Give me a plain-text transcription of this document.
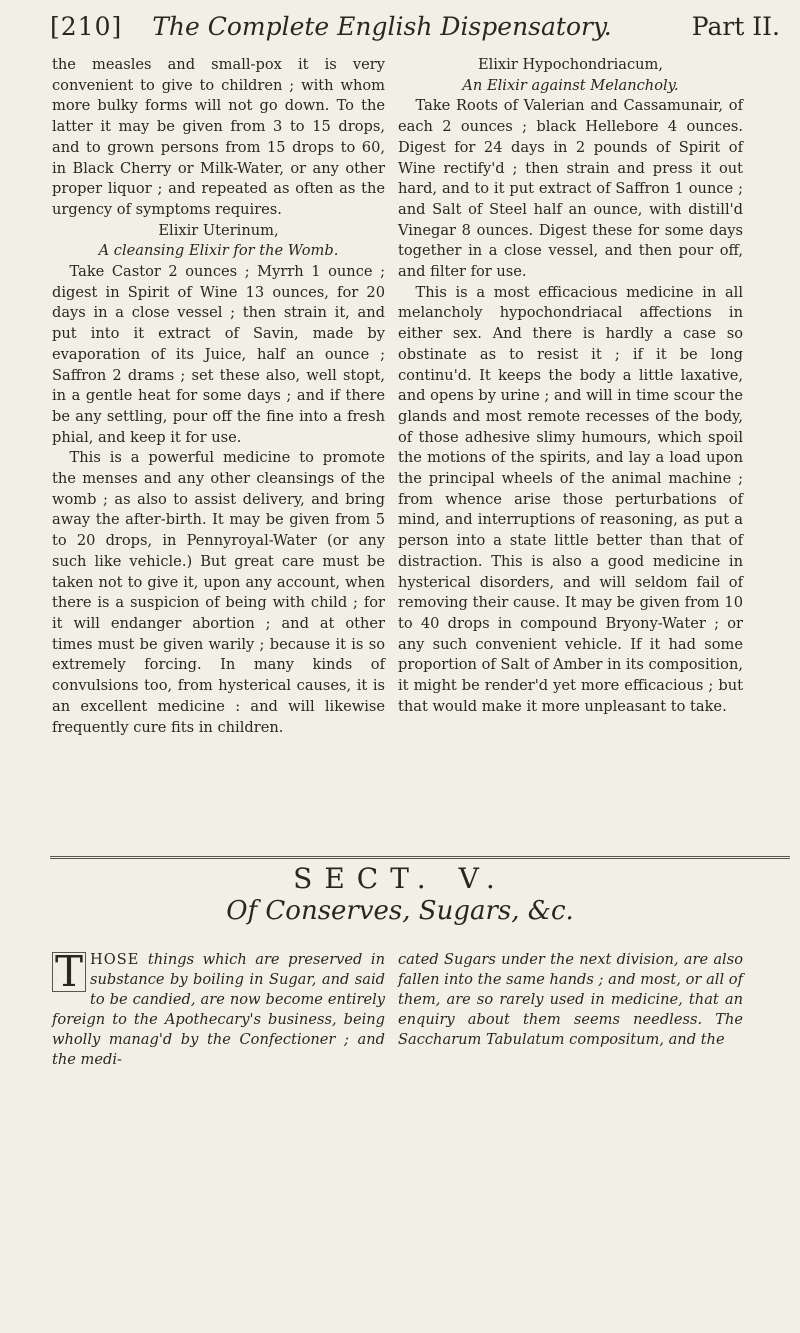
[210] The Complete English Dispensatory.	Part II.

the measles and small-pox it is very convenient to give to children ; with whom more bulky forms will not go down. To the latter it may be given from 3 to 15 drops, and to grown persons from 15 drops to 60, in Black Cherry or Milk-Water, or any other proper liquor ; and repeated as often as the urgency of symptoms requires.

Elixir Uterinum,

A cleansing Elixir for the Womb.

Take Castor 2 ounces ; Myrrh 1 ounce ; digest in Spirit of Wine 13 ounces, for 20 days in a close vessel ; then strain it, and put into it extract of Savin, made by evaporation of its Juice, half an ounce ; Saffron 2 drams ; set these also, well stopt, in a gentle heat for some days ; and if there be any settling, pour off the fine into a fresh phial, and keep it for use.

This is a powerful medicine to promote the menses and any other cleansings of the womb ; as also to assist delivery, and bring away the after-birth. It may be given from 5 to 20 drops, in Pennyroyal-Water (or any such like vehicle.) But great care must be taken not to give it, upon any account, when there is a suspicion of being with child ; for it will endanger abortion ; and at other times must be given warily ; because it is so extremely forcing. In many kinds of convulsions too, from hysterical causes, it is an excellent medicine : and will likewise frequently cure fits in children.

Elixir Hypochondriacum,

An Elixir against Melancholy.

Take Roots of Valerian and Cassamunair, of each 2 ounces ; black Hellebore 4 ounces. Digest for 24 days in 2 pounds of Spirit of Wine rectify'd ; then strain and press it out hard, and to it put extract of Saffron 1 ounce ; and Salt of Steel half an ounce, with distill'd Vinegar 8 ounces. Digest these for some days together in a close vessel, and then pour off, and filter for use.

This is a most efficacious medicine in all melancholy hypochondriacal affections in either sex. And there is hardly a case so obstinate as to resist it ; if it be long continu'd. It keeps the body a little laxative, and opens by urine ; and will in time scour the glands and most remote recesses of the body, of those adhesive slimy humours, which spoil the motions of the spirits, and lay a load upon the principal wheels of the animal machine ; from whence arise those perturbations of mind, and interruptions of reasoning, as put a person into a state little better than that of distraction. This is also a good medicine in hysterical disorders, and will seldom fail of removing their cause. It may be given from 10 to 40 drops in compound Bryony-Water ; or any such convenient vehicle. If it had some proportion of Salt of Amber in its composition, it might be render'd yet more efficacious ; but that would make it more unpleasant to take.

SECT. V.
Of Conserves, Sugars, &c.
T HOSE things which are preserved in substance by boiling in Sugar, and said to be candied, are now become entirely foreign to the Apothecary's business, being wholly manag'd by the Confectioner ; and the medi-
cated Sugars under the next division, are also fallen into the same hands ; and most, or all of them, are so rarely used in medicine, that an enquiry about them seems needless. The Saccharum Tabulatum compositum, and the
